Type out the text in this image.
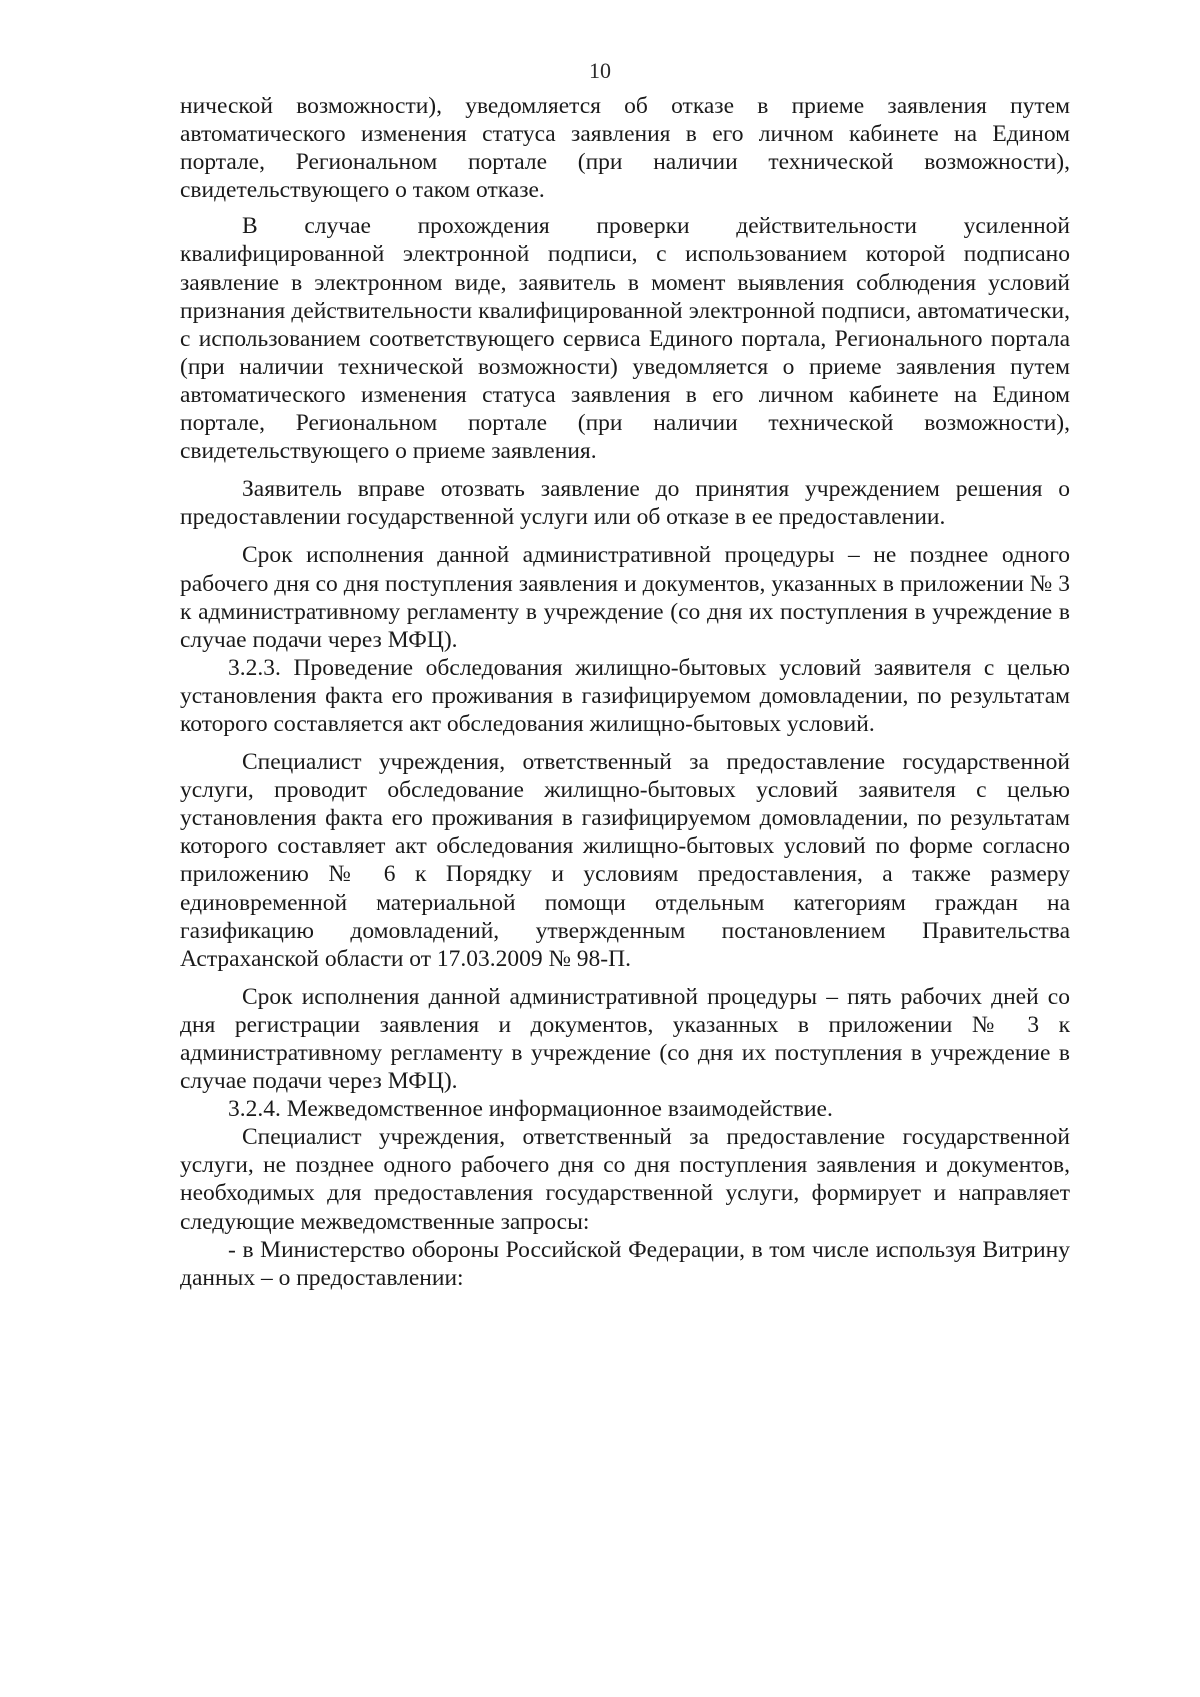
10

нической возможности), уведомляется об отказе в приеме заявления путем автоматического изменения статуса заявления в его личном кабинете на Едином портале, Региональном портале (при наличии технической возможности), свидетельствующего о таком отказе.

В случае прохождения проверки действительности усиленной квалифицированной электронной подписи, с использованием которой подписано заявление в электронном виде, заявитель в момент выявления соблюдения условий признания действительности квалифицированной электронной подписи, автоматически, с использованием соответствующего сервиса Единого портала, Регионального портала (при наличии технической возможности) уведомляется о приеме заявления путем автоматического изменения статуса заявления в его личном кабинете на Едином портале, Региональном портале (при наличии технической возможности), свидетельствующего о приеме заявления.

Заявитель вправе отозвать заявление до принятия учреждением решения о предоставлении государственной услуги или об отказе в ее предоставлении.

Срок исполнения данной административной процедуры – не позднее одного рабочего дня со дня поступления заявления и документов, указанных в приложении № 3 к административному регламенту в учреждение (со дня их поступления в учреждение в случае подачи через МФЦ).

3.2.3. Проведение обследования жилищно-бытовых условий заявителя с целью установления факта его проживания в газифицируемом домовладении, по результатам которого составляется акт обследования жилищно-бытовых условий.

Специалист учреждения, ответственный за предоставление государственной услуги, проводит обследование жилищно-бытовых условий заявителя с целью установления факта его проживания в газифицируемом домовладении, по результатам которого составляет акт обследования жилищно-бытовых условий по форме согласно приложению № 6 к Порядку и условиям предоставления, а также размеру единовременной материальной помощи отдельным категориям граждан на газификацию домовладений, утвержденным постановлением Правительства Астраханской области от 17.03.2009 № 98-П.

Срок исполнения данной административной процедуры – пять рабочих дней со дня регистрации заявления и документов, указанных в приложении № 3 к административному регламенту в учреждение (со дня их поступления в учреждение в случае подачи через МФЦ).

3.2.4. Межведомственное информационное взаимодействие.

Специалист учреждения, ответственный за предоставление государственной услуги, не позднее одного рабочего дня со дня поступления заявления и документов, необходимых для предоставления государственной услуги, формирует и направляет следующие межведомственные запросы:

- в Министерство обороны Российской Федерации, в том числе используя Витрину данных – о предоставлении:
